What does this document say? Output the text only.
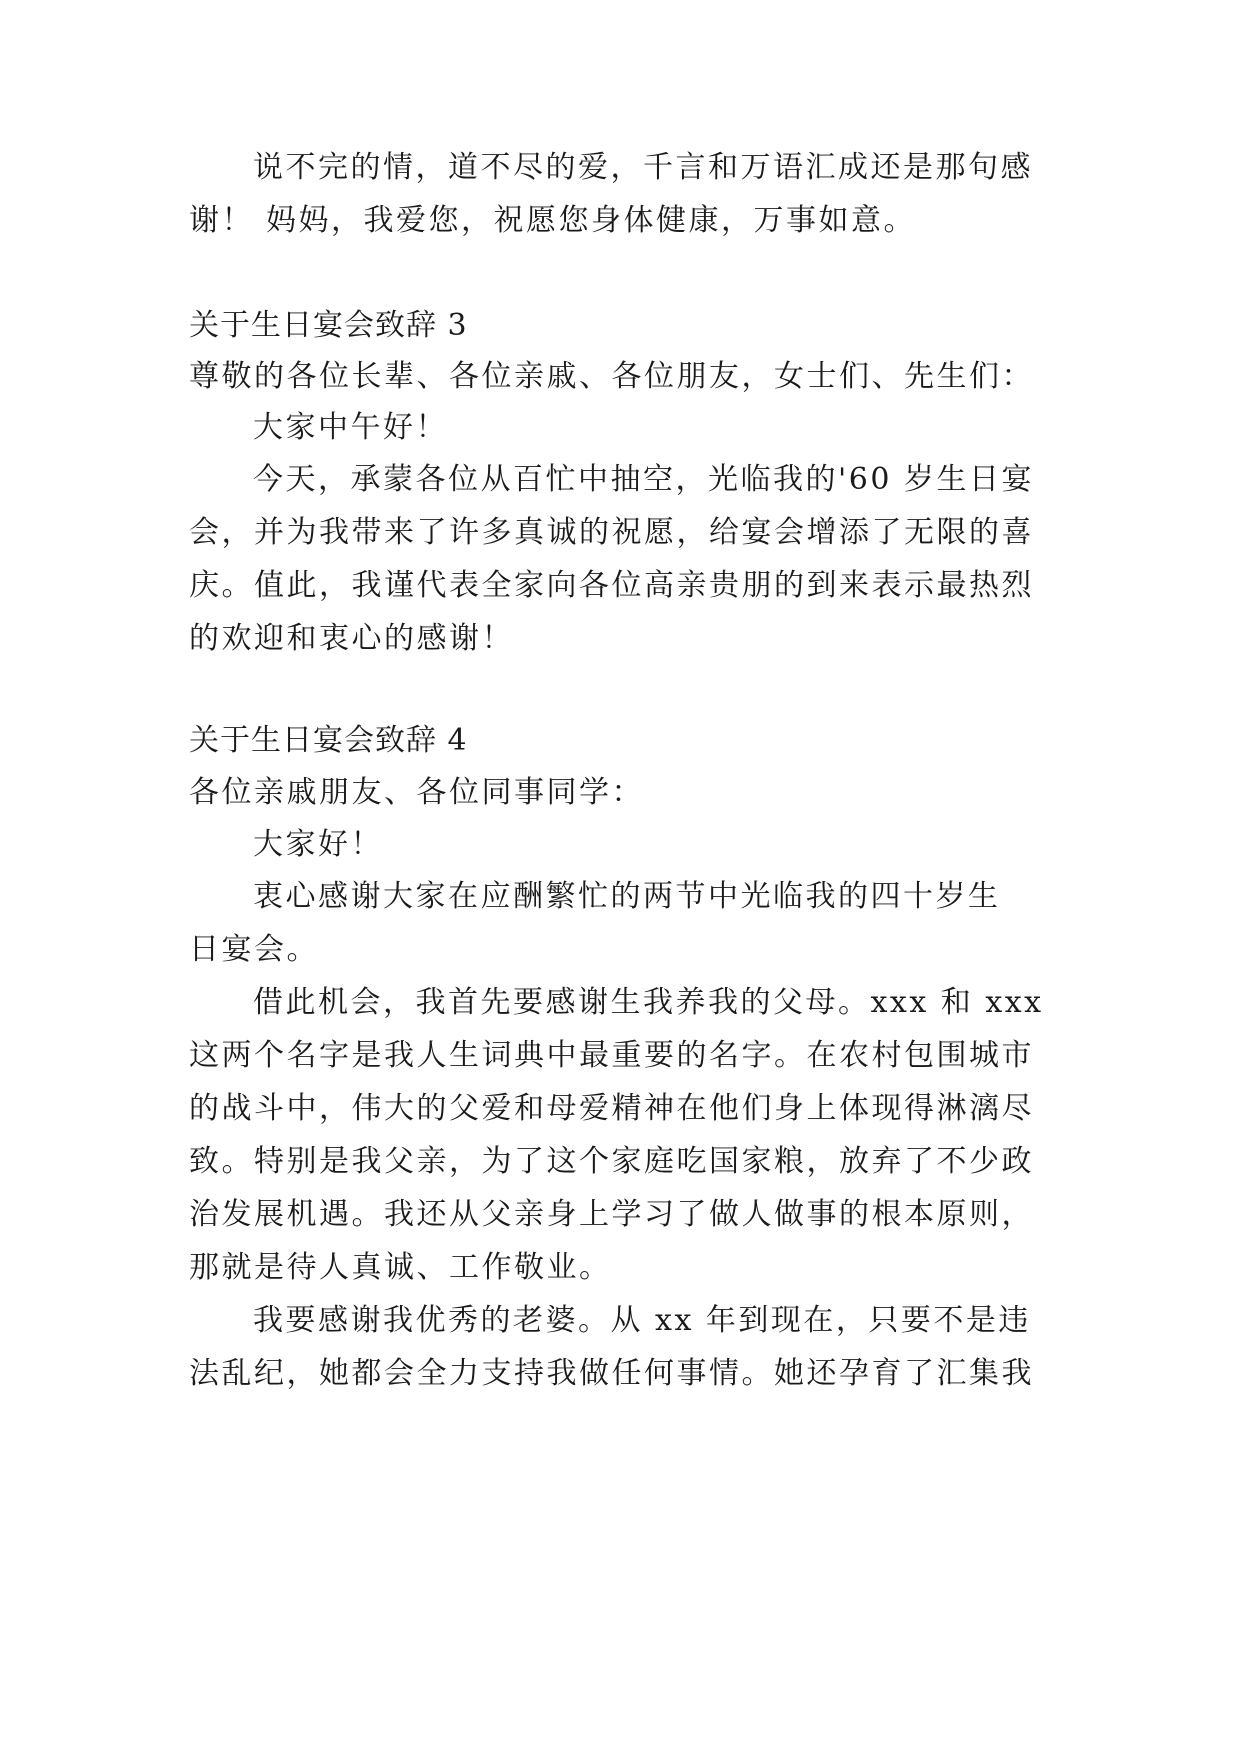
说不完的情，道不尽的爱，千言和万语汇成还是那句感
谢！ 妈妈，我爱您，祝愿您身体健康，万事如意。
关于生日宴会致辞 3
尊敬的各位长辈、各位亲戚、各位朋友，女士们、先生们：
大家中午好！
今天，承蒙各位从百忙中抽空，光临我的'60 岁生日宴
会，并为我带来了许多真诚的祝愿，给宴会增添了无限的喜
庆。值此，我谨代表全家向各位高亲贵朋的到来表示最热烈
的欢迎和衷心的感谢！
关于生日宴会致辞 4
各位亲戚朋友、各位同事同学：
大家好！
衷心感谢大家在应酬繁忙的两节中光临我的四十岁生
日宴会。
借此机会，我首先要感谢生我养我的父母。xxx 和 xxx
这两个名字是我人生词典中最重要的名字。在农村包围城市
的战斗中，伟大的父爱和母爱精神在他们身上体现得淋漓尽
致。特别是我父亲，为了这个家庭吃国家粮，放弃了不少政
治发展机遇。我还从父亲身上学习了做人做事的根本原则，
那就是待人真诚、工作敬业。
我要感谢我优秀的老婆。从 xx 年到现在，只要不是违
法乱纪，她都会全力支持我做任何事情。她还孕育了汇集我
